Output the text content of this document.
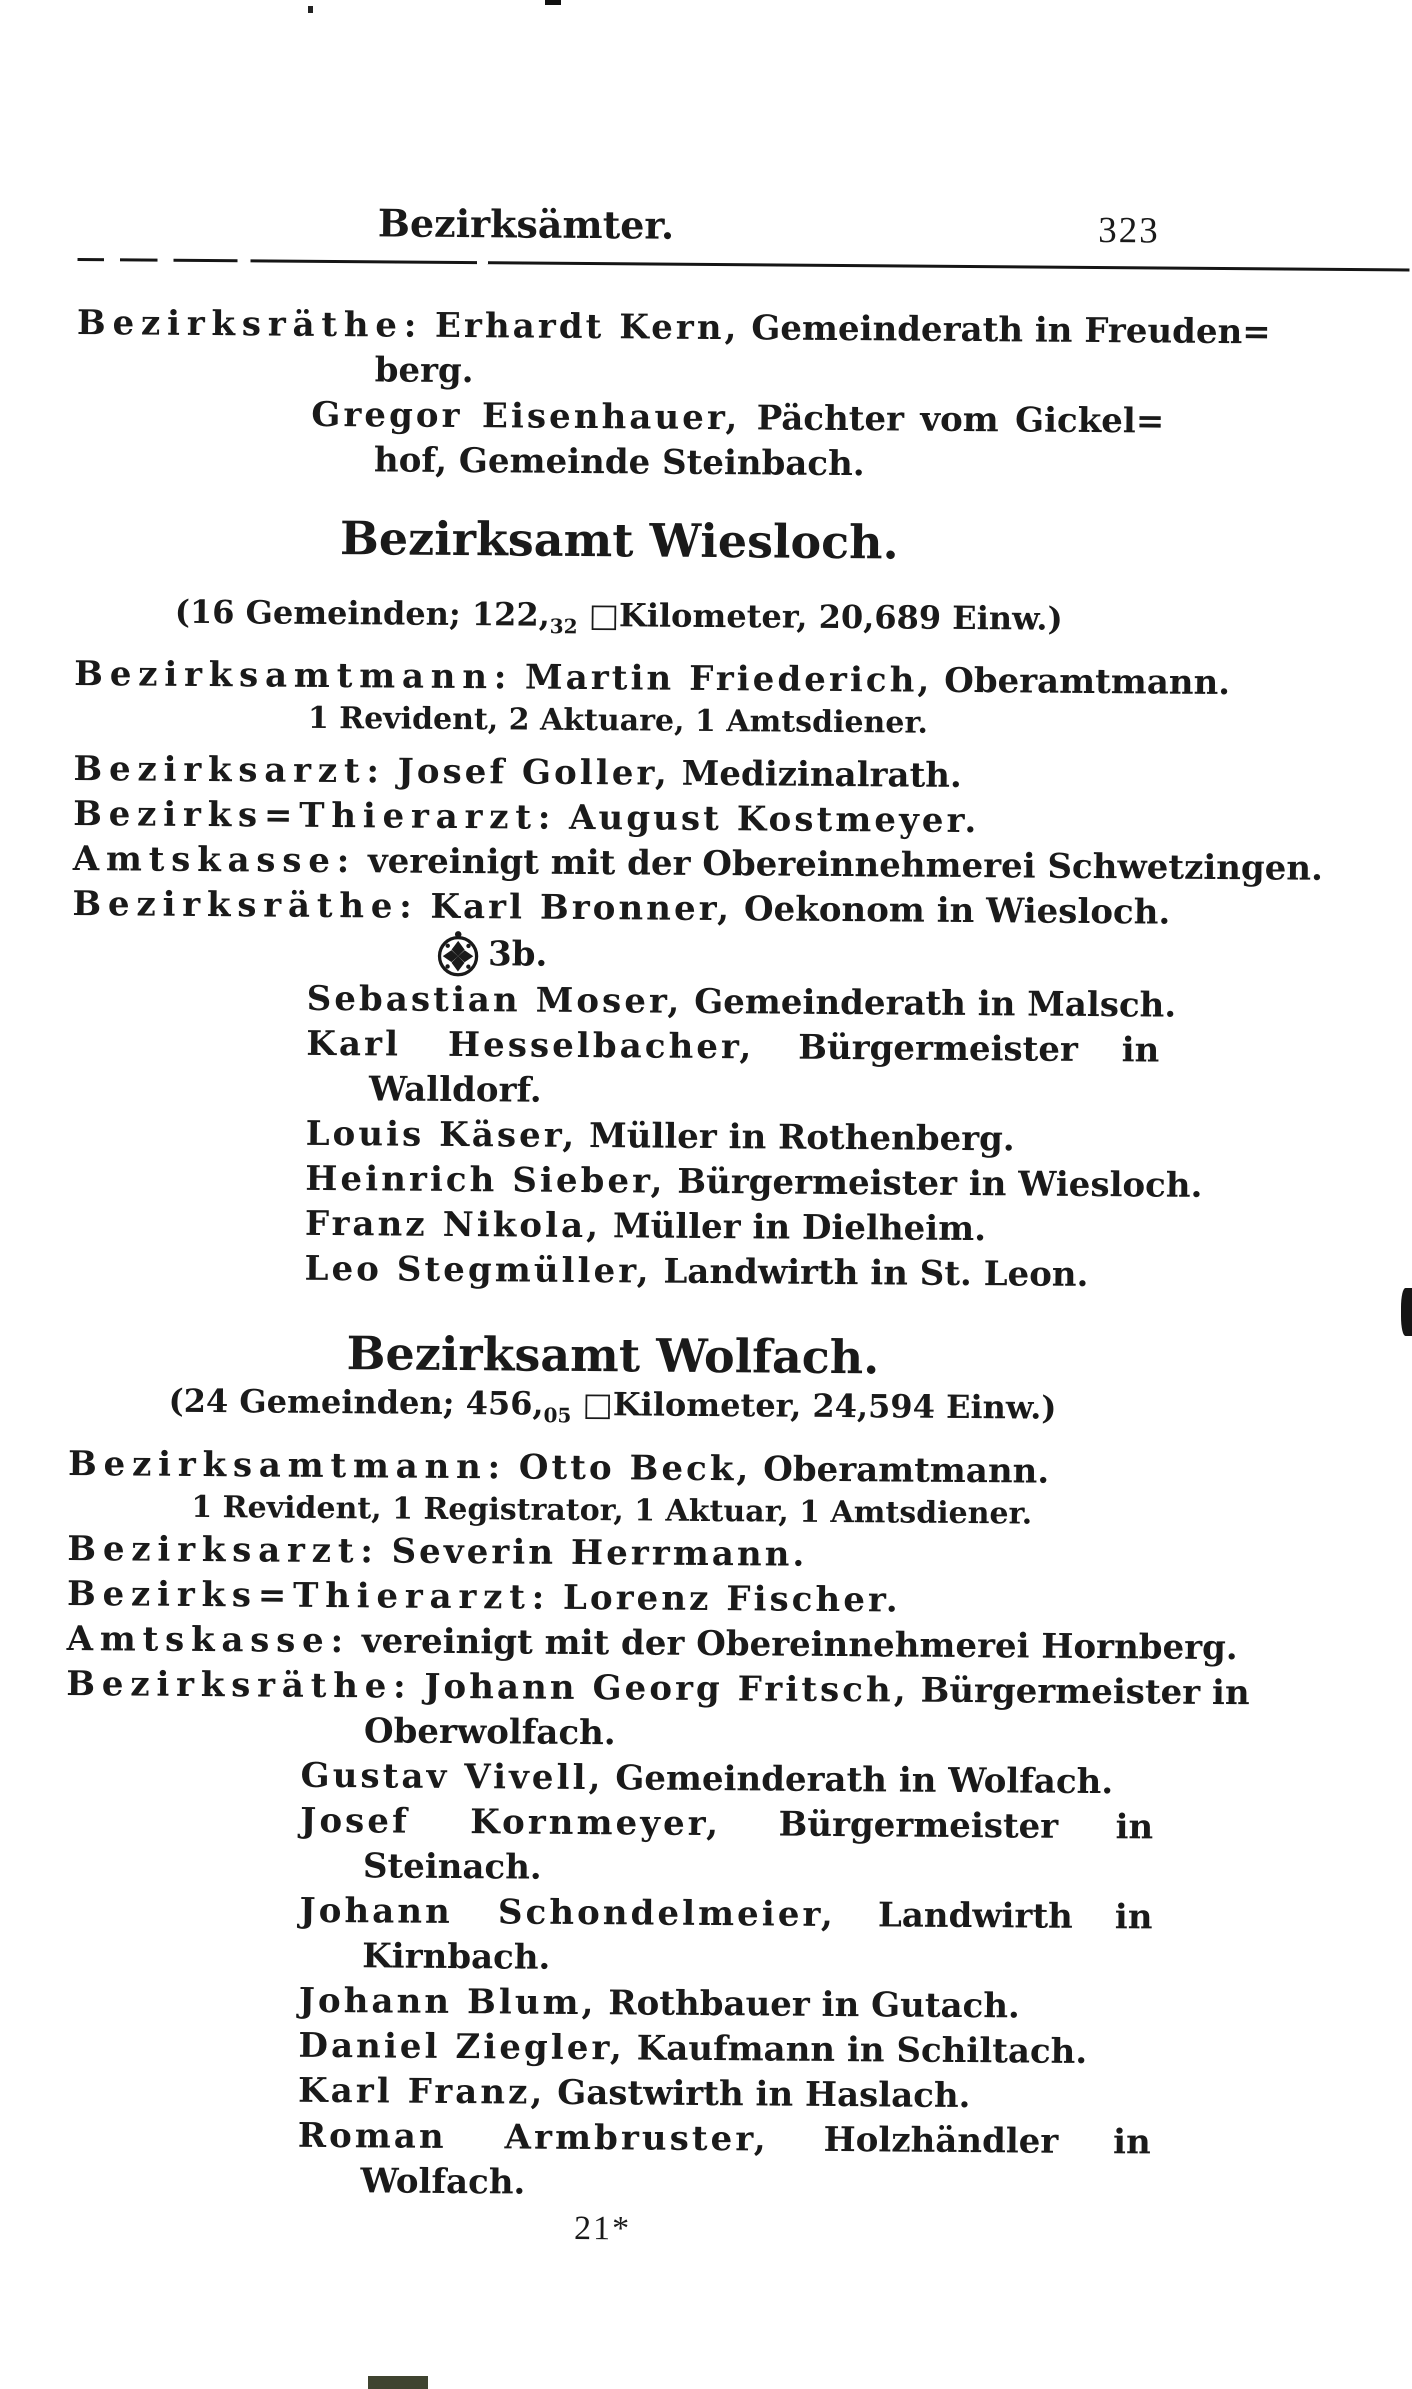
Bezirksämter.	323
Bezirksräthe: Erhardt Kern, Gemeinderath in Freuden=
berg.
Gregor Eisenhauer, Pächter vom Gickel=
hof, Gemeinde Steinbach.
Bezirksamt Wiesloch.
(16 Gemeinden; $122,_{32}$ □Kilometer, 20,689 Einw.)
Bezirksamtmann: Martin Friederich, Oberamtmann.
1 Revident, 2 Aktuare, 1 Amtsdiener.
Bezirksarzt: Josef Goller, Medizinalrath.
Bezirks=Thierarzt: August Kostmeyer.
Amtskasse: vereinigt mit der Obereinnehmerei Schwetzingen.
Bezirksräthe: Karl Bronner, Oekonom in Wiesloch.
3b.
Sebastian Moser, Gemeinderath in Malsch.
Karl Hesselbacher, Bürgermeister in
Walldorf.
Louis Käser, Müller in Rothenberg.
Heinrich Sieber, Bürgermeister in Wiesloch.
Franz Nikola, Müller in Dielheim.
Leo Stegmüller, Landwirth in St. Leon.
Bezirksamt Wolfach.
(24 Gemeinden; $456,_{05}$ □Kilometer, 24,594 Einw.)
Bezirksamtmann: Otto Beck, Oberamtmann.
1 Revident, 1 Registrator, 1 Aktuar, 1 Amtsdiener.
Bezirksarzt: Severin Herrmann.
Bezirks=Thierarzt: Lorenz Fischer.
Amtskasse: vereinigt mit der Obereinnehmerei Hornberg.
Bezirksräthe: Johann Georg Fritsch, Bürgermeister in
Oberwolfach.
Gustav Vivell, Gemeinderath in Wolfach.
Josef Kornmeyer, Bürgermeister in
Steinach.
Johann Schondelmeier, Landwirth in
Kirnbach.
Johann Blum, Rothbauer in Gutach.
Daniel Ziegler, Kaufmann in Schiltach.
Karl Franz, Gastwirth in Haslach.
Roman Armbruster, Holzhändler in
Wolfach.
21*
